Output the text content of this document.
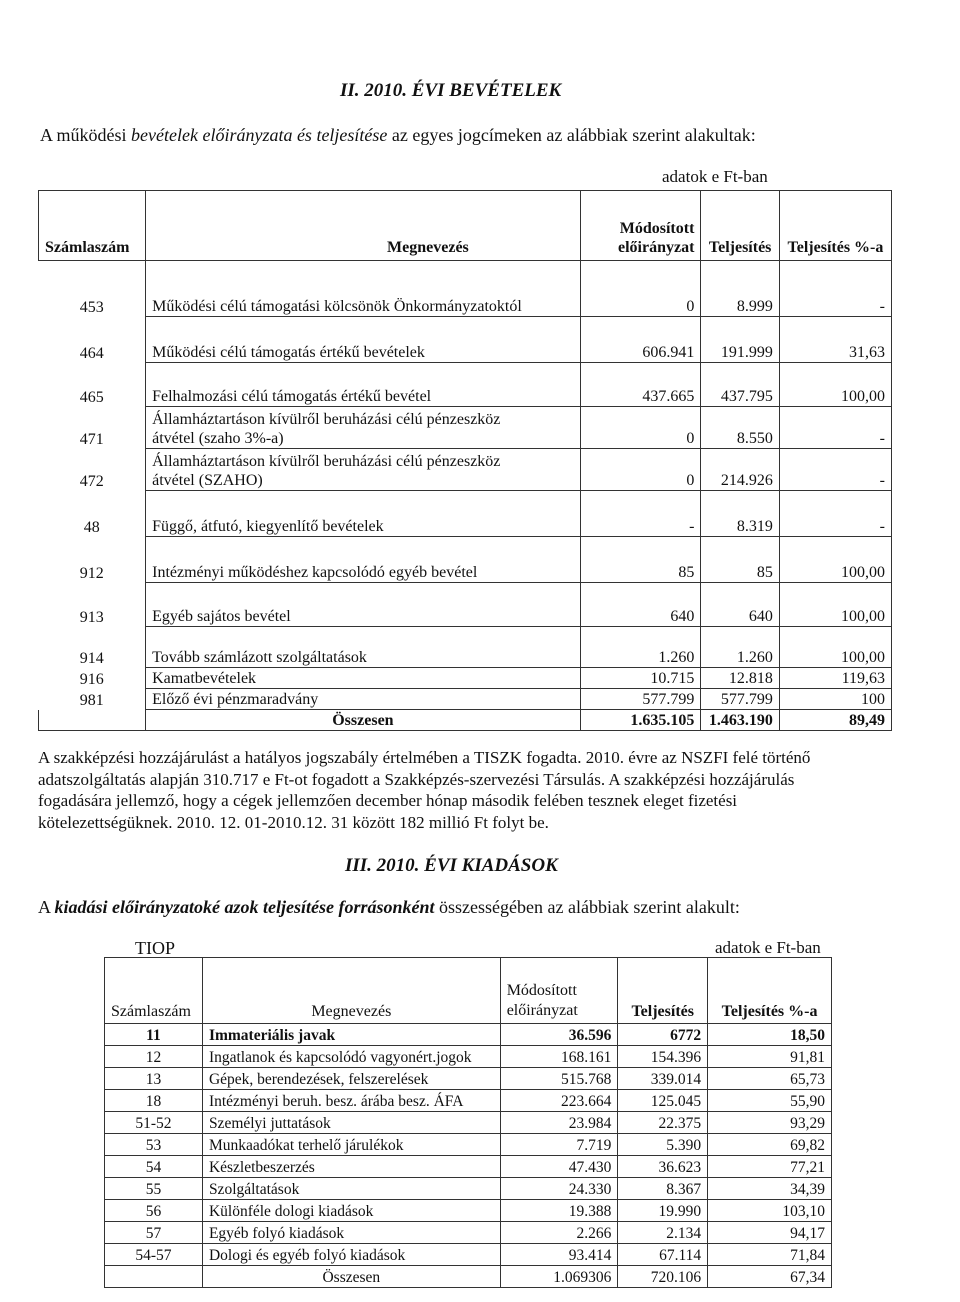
II. 2010. ÉVI BEVÉTELEK
A működési bevételek előirányzata és teljesítése az egyes jogcímeken az alábbiak szerint alakultak:
adatok e Ft-ban
Számlaszám	Megnevezés	Módosított előirányzat	Teljesítés	Teljesítés %-a
453	Működési célú támogatási kölcsönök Önkormányzatoktól	0	8.999	-
464	Működési célú támogatás értékű bevételek	606.941	191.999	31,63
465	Felhalmozási célú támogatás értékű bevétel	437.665	437.795	100,00
471	Államháztartáson kívülről beruházási célú pénzeszköz
átvétel (szaho 3%-a)	0	8.550	-
472	Államháztartáson kívülről beruházási célú pénzeszköz
átvétel (SZAHO)	0	214.926	-
48	Függő, átfutó, kiegyenlítő bevételek	-	8.319	-
912	Intézményi működéshez kapcsolódó egyéb bevétel	85	85	100,00
913	Egyéb sajátos bevétel	640	640	100,00
914	Tovább számlázott szolgáltatások	1.260	1.260	100,00
916	Kamatbevételek	10.715	12.818	119,63
981	Előző évi pénzmaradvány	577.799	577.799	100
	Összesen	1.635.105	1.463.190	89,49
A szakképzési hozzájárulást a hatályos jogszabály értelmében a TISZK fogadta. 2010. évre az NSZFI felé történő
adatszolgáltatás alapján 310.717 e Ft-ot fogadott a Szakképzés-szervezési Társulás. A szakképzési hozzájárulás
fogadására jellemző, hogy a cégek jellemzően december hónap második felében tesznek eleget fizetési
kötelezettségüknek. 2010. 12. 01-2010.12. 31 között 182 millió Ft folyt be.
III. 2010. ÉVI KIADÁSOK
A kiadási előirányzatoké azok teljesítése forrásonként összességében az alábbiak szerint alakult:
TIOP	adatok e Ft-ban
Számlaszám	Megnevezés	Módosított előirányzat	Teljesítés	Teljesítés %-a
11	Immateriális javak	36.596	6772	18,50
12	Ingatlanok és kapcsolódó vagyonért.jogok	168.161	154.396	91,81
13	Gépek, berendezések, felszerelések	515.768	339.014	65,73
18	Intézményi beruh. besz. árába besz. ÁFA	223.664	125.045	55,90
51-52	Személyi juttatások	23.984	22.375	93,29
53	Munkaadókat terhelő járulékok	7.719	5.390	69,82
54	Készletbeszerzés	47.430	36.623	77,21
55	Szolgáltatások	24.330	8.367	34,39
56	Különféle dologi kiadások	19.388	19.990	103,10
57	Egyéb folyó kiadások	2.266	2.134	94,17
54-57	Dologi és egyéb folyó kiadások	93.414	67.114	71,84
	Összesen	1.069306	720.106	67,34
